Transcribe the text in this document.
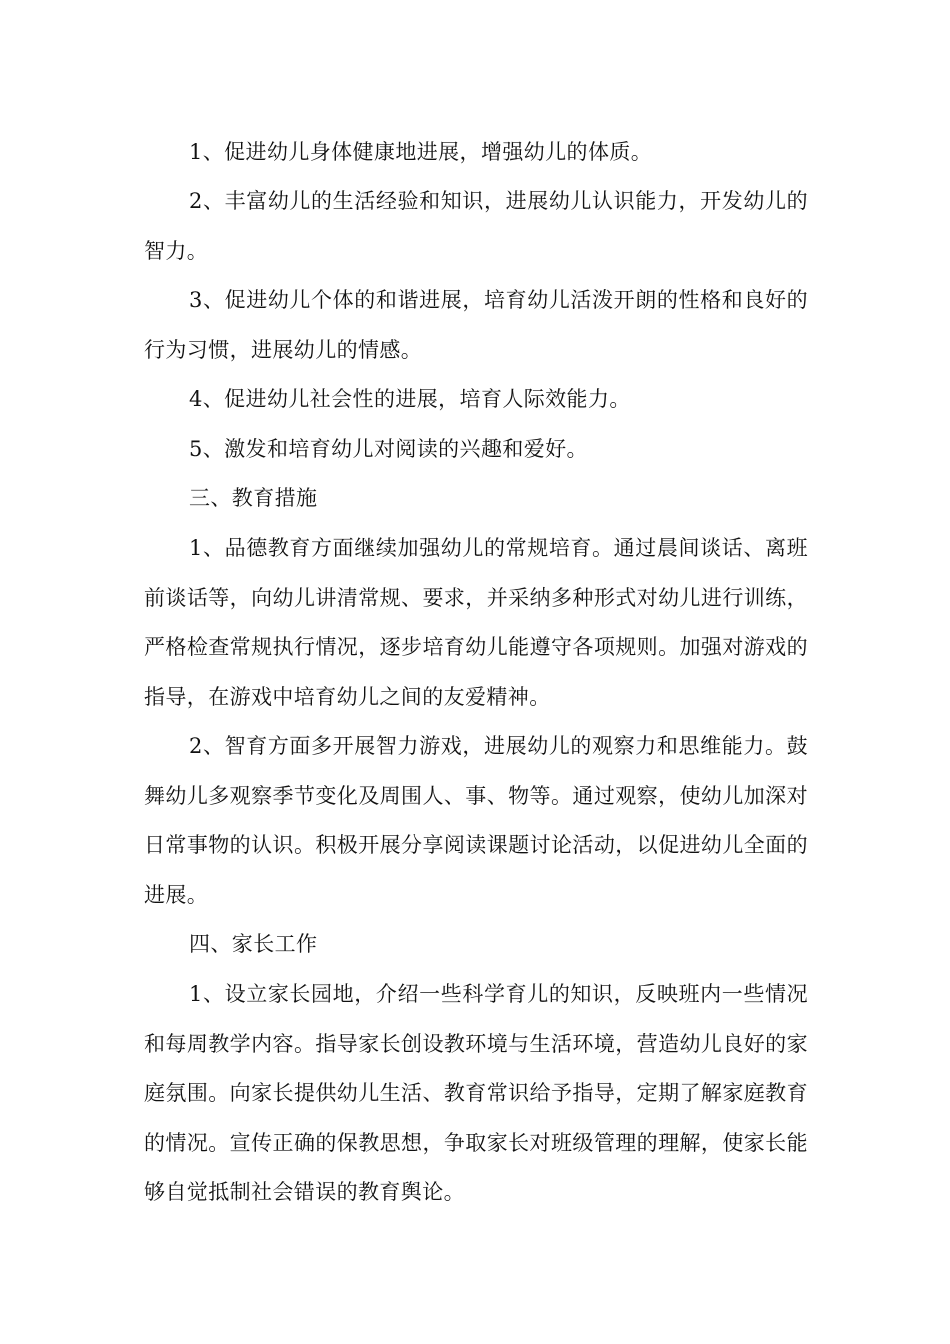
1、促进幼儿身体健康地进展，增强幼儿的体质。

2、丰富幼儿的生活经验和知识，进展幼儿认识能力，开发幼儿的智力。

3、促进幼儿个体的和谐进展，培育幼儿活泼开朗的性格和良好的行为习惯，进展幼儿的情感。

4、促进幼儿社会性的进展，培育人际效能力。

5、激发和培育幼儿对阅读的兴趣和爱好。

三、教育措施

1、品德教育方面继续加强幼儿的常规培育。通过晨间谈话、离班前谈话等，向幼儿讲清常规、要求，并采纳多种形式对幼儿进行训练，严格检查常规执行情况，逐步培育幼儿能遵守各项规则。加强对游戏的指导，在游戏中培育幼儿之间的友爱精神。

2、智育方面多开展智力游戏，进展幼儿的观察力和思维能力。鼓舞幼儿多观察季节变化及周围人、事、物等。通过观察，使幼儿加深对日常事物的认识。积极开展分享阅读课题讨论活动，以促进幼儿全面的进展。

四、家长工作

1、设立家长园地，介绍一些科学育儿的知识，反映班内一些情况和每周教学内容。指导家长创设教环境与生活环境，营造幼儿良好的家庭氛围。向家长提供幼儿生活、教育常识给予指导，定期了解家庭教育的情况。宣传正确的保教思想，争取家长对班级管理的理解，使家长能够自觉抵制社会错误的教育舆论。
